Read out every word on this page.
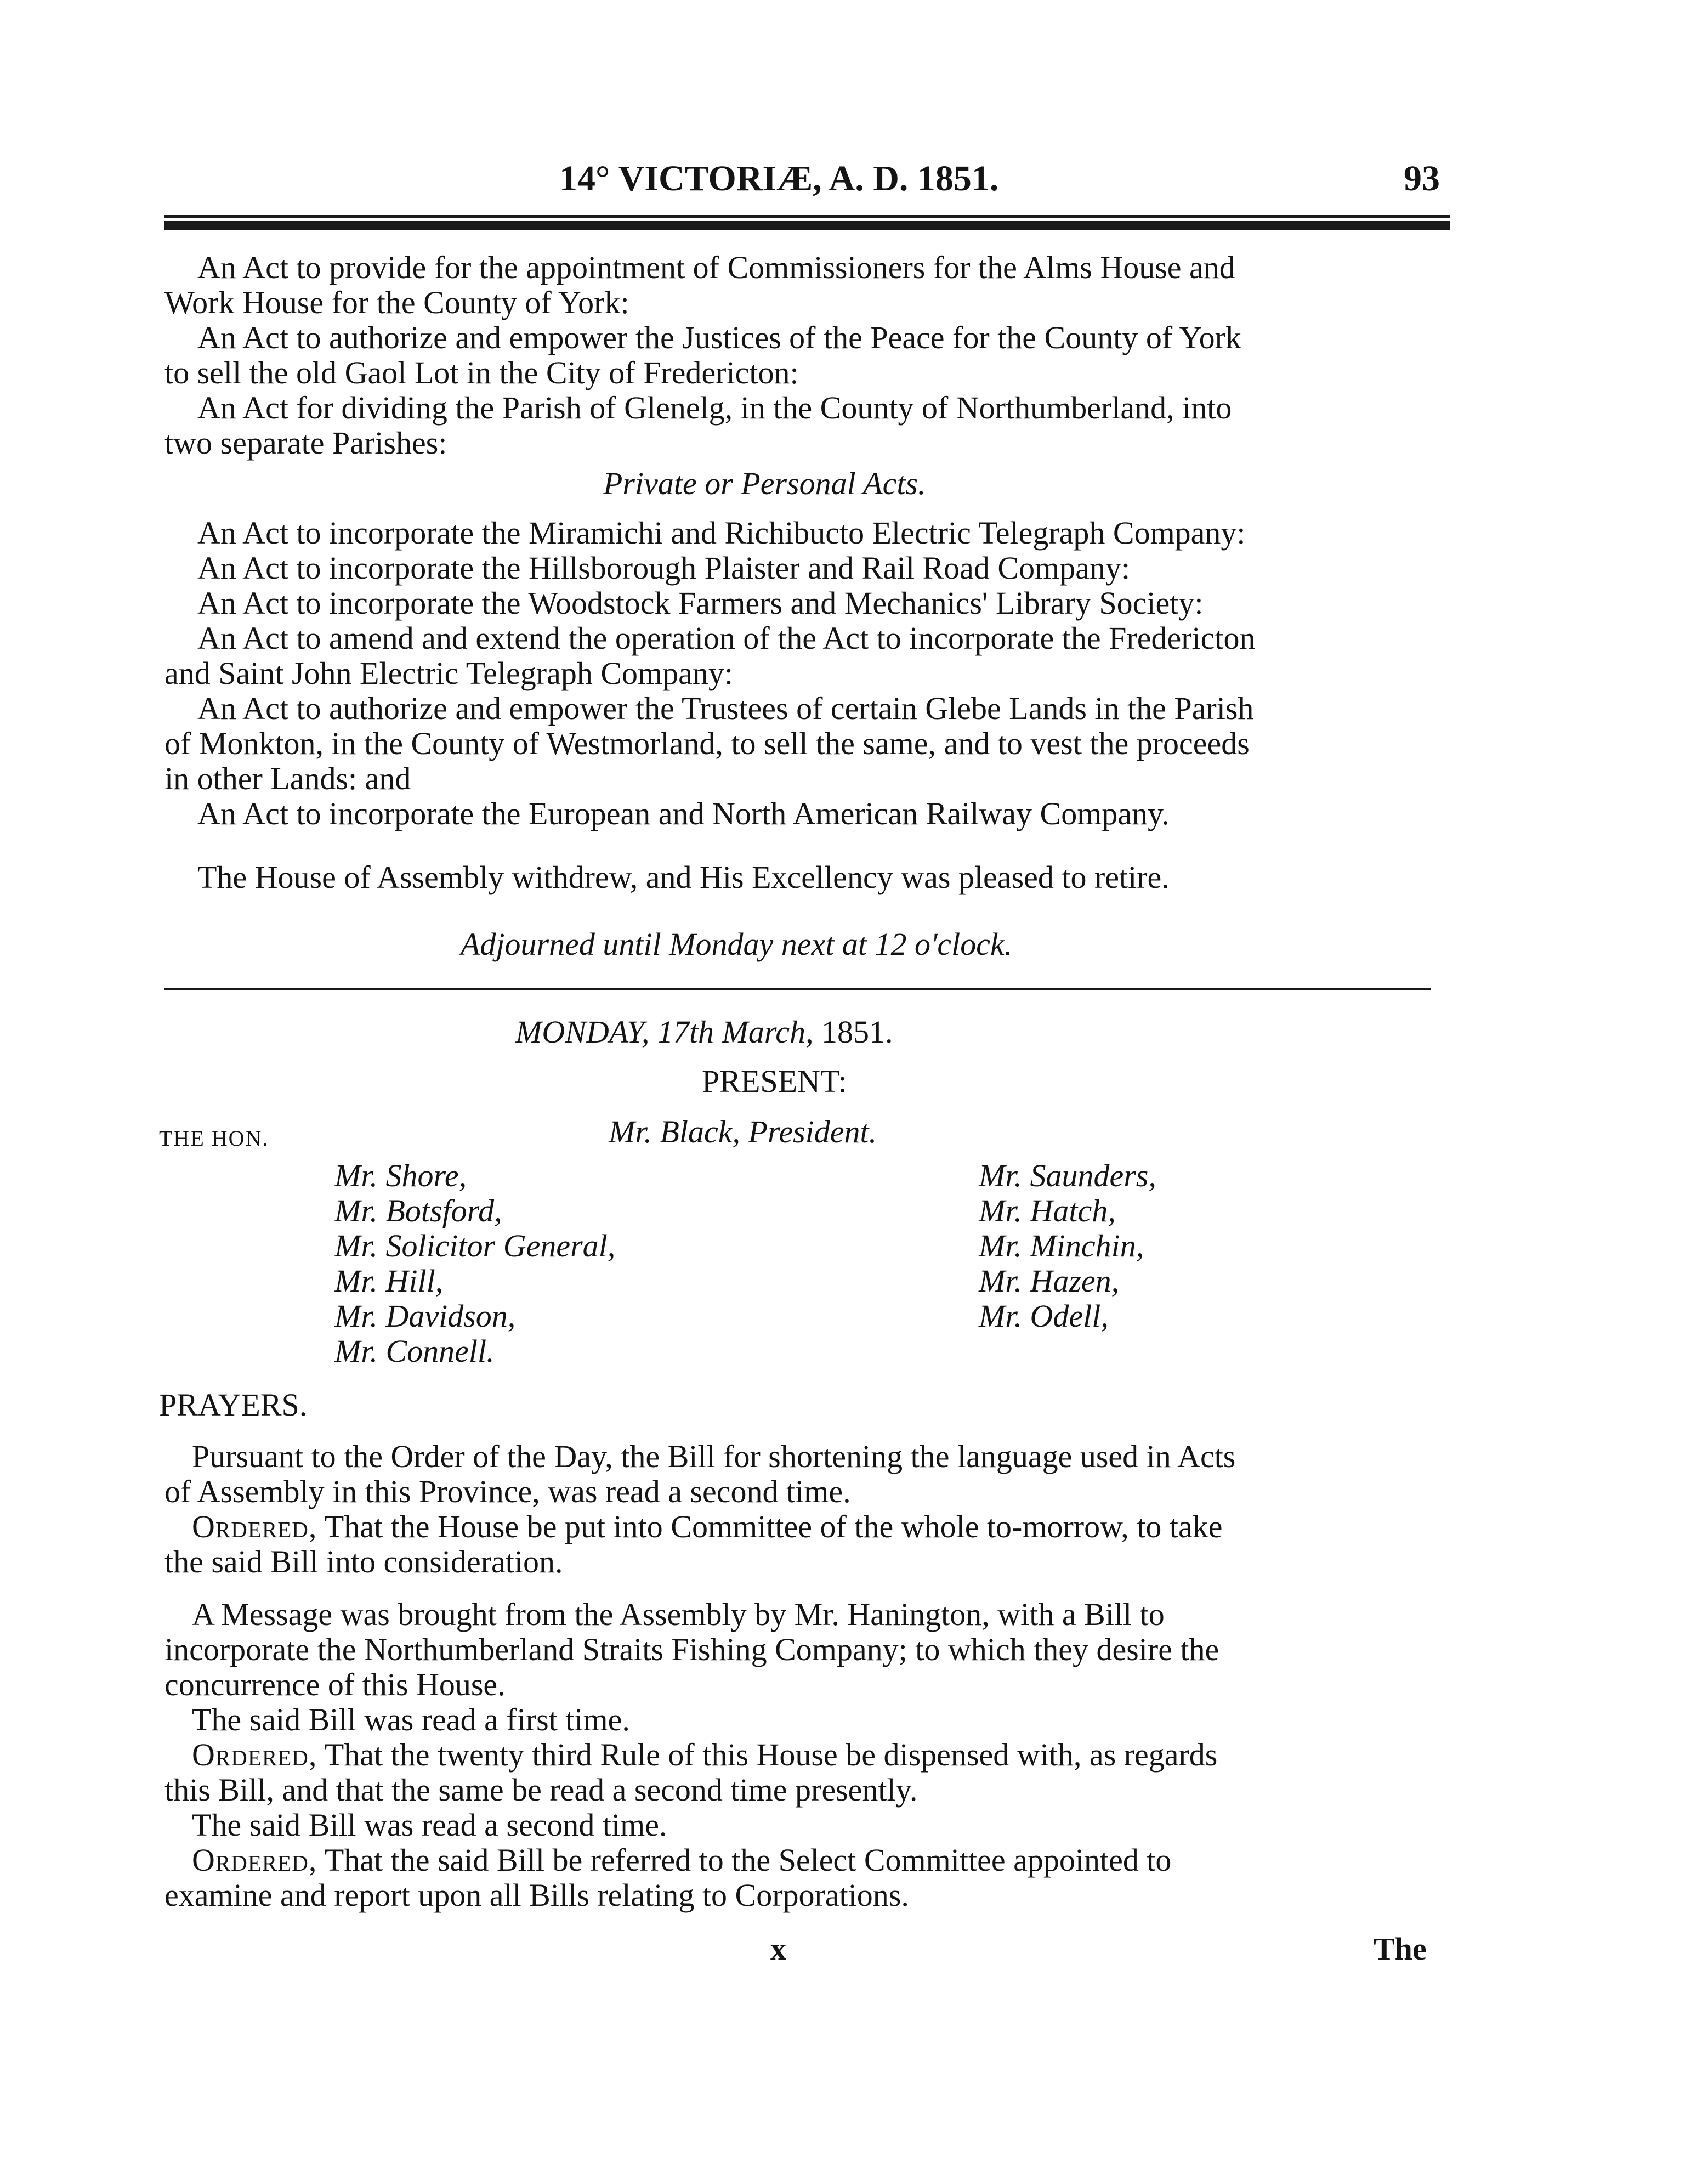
14° VICTORIÆ, A. D. 1851.	93
An Act to provide for the appointment of Commissioners for the Alms House and
Work House for the County of York:
An Act to authorize and empower the Justices of the Peace for the County of York
to sell the old Gaol Lot in the City of Fredericton:
An Act for dividing the Parish of Glenelg, in the County of Northumberland, into
two separate Parishes:
Private or Personal Acts.
An Act to incorporate the Miramichi and Richibucto Electric Telegraph Company:
An Act to incorporate the Hillsborough Plaister and Rail Road Company:
An Act to incorporate the Woodstock Farmers and Mechanics' Library Society:
An Act to amend and extend the operation of the Act to incorporate the Fredericton
and Saint John Electric Telegraph Company:
An Act to authorize and empower the Trustees of certain Glebe Lands in the Parish
of Monkton, in the County of Westmorland, to sell the same, and to vest the proceeds
in other Lands: and
An Act to incorporate the European and North American Railway Company.
The House of Assembly withdrew, and His Excellency was pleased to retire.
Adjourned until Monday next at 12 o'clock.
MONDAY, 17th March, 1851.
PRESENT:
THE HON.	Mr. Black, President.
Mr. Shore,
Mr. Botsford,
Mr. Solicitor General,
Mr. Hill,
Mr. Davidson,
Mr. Connell.
Mr. Saunders,
Mr. Hatch,
Mr. Minchin,
Mr. Hazen,
Mr. Odell,
PRAYERS.
Pursuant to the Order of the Day, the Bill for shortening the language used in Acts
of Assembly in this Province, was read a second time.
Ordered, That the House be put into Committee of the whole to-morrow, to take
the said Bill into consideration.
A Message was brought from the Assembly by Mr. Hanington, with a Bill to
incorporate the Northumberland Straits Fishing Company; to which they desire the
concurrence of this House.
The said Bill was read a first time.
Ordered, That the twenty third Rule of this House be dispensed with, as regards
this Bill, and that the same be read a second time presently.
The said Bill was read a second time.
Ordered, That the said Bill be referred to the Select Committee appointed to
examine and report upon all Bills relating to Corporations.
x	The
